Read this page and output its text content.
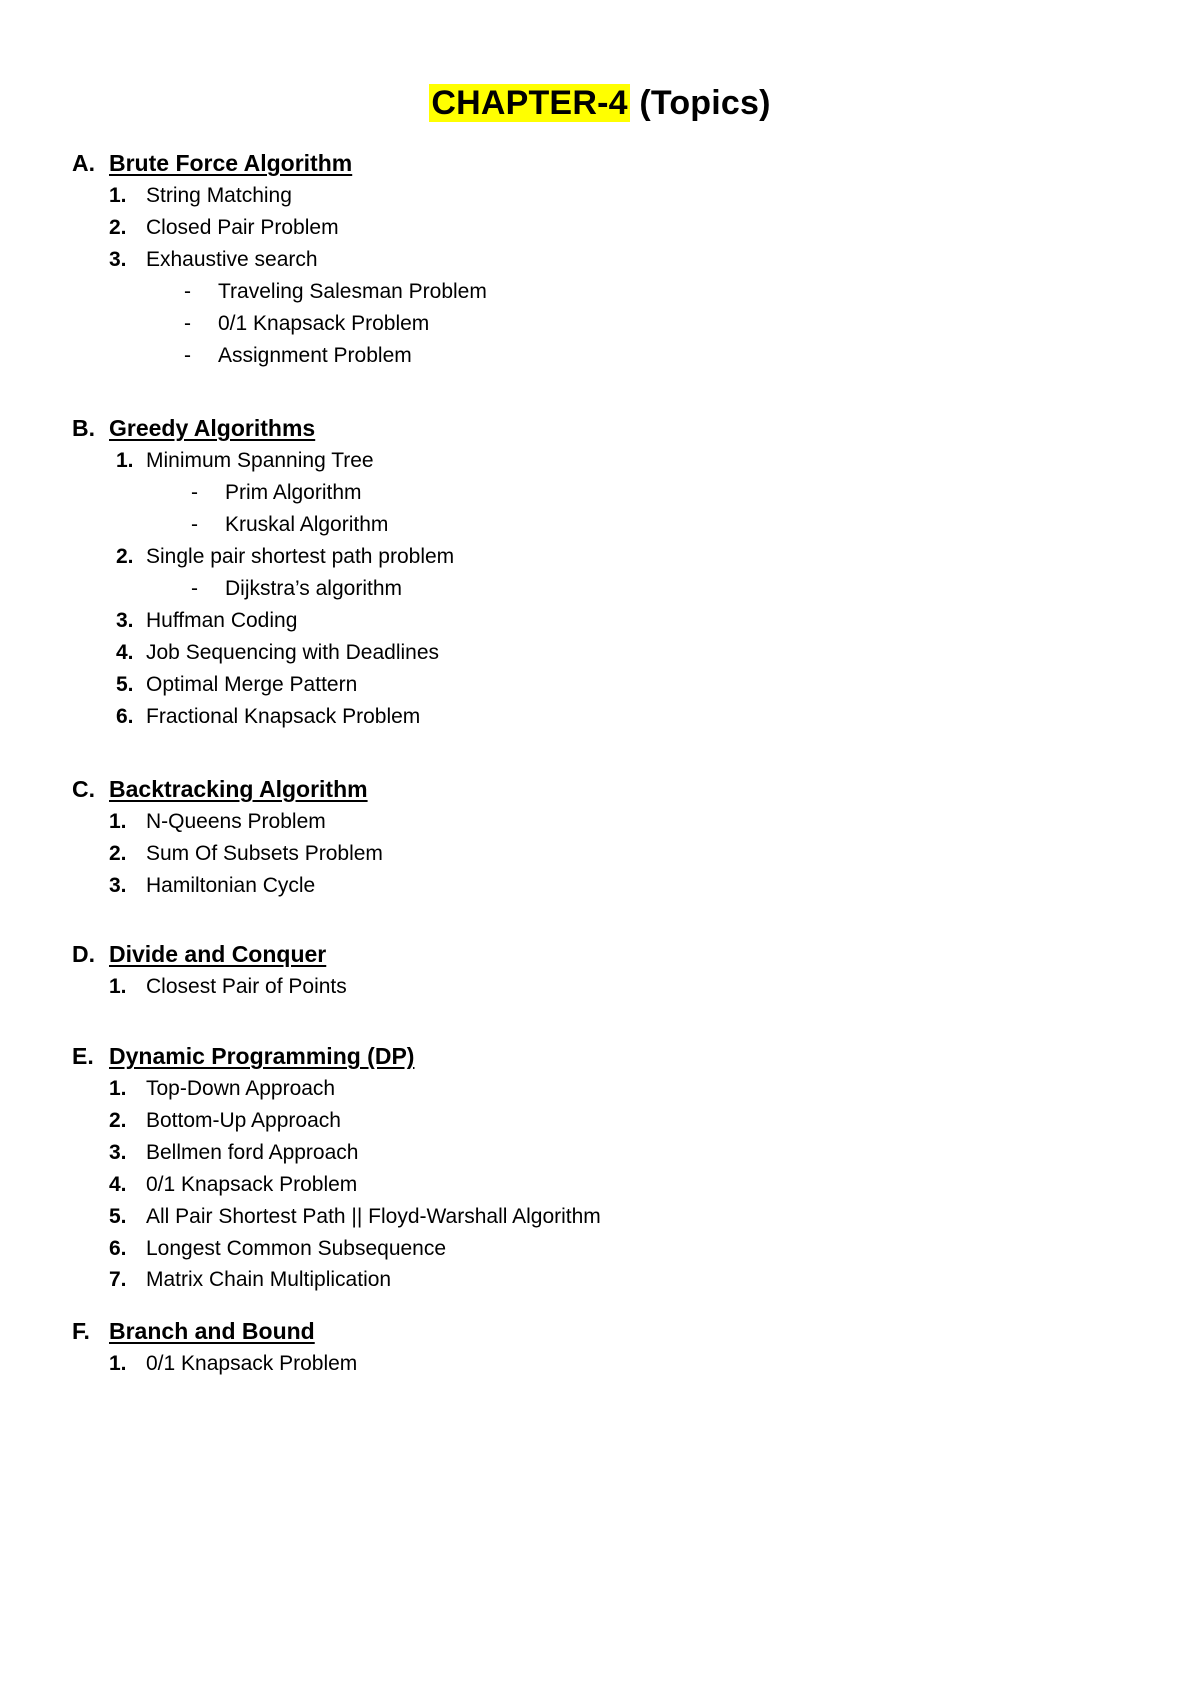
CHAPTER-4 (Topics)
A. Brute Force Algorithm
1. String Matching
2. Closed Pair Problem
3. Exhaustive search
- Traveling Salesman Problem
- 0/1 Knapsack Problem
- Assignment Problem
B. Greedy Algorithms
1. Minimum Spanning Tree
- Prim Algorithm
- Kruskal Algorithm
2. Single pair shortest path problem
- Dijkstra’s algorithm
3. Huffman Coding
4. Job Sequencing with Deadlines
5. Optimal Merge Pattern
6. Fractional Knapsack Problem
C. Backtracking Algorithm
1. N-Queens Problem
2. Sum Of Subsets Problem
3. Hamiltonian Cycle
D. Divide and Conquer
1. Closest Pair of Points
E. Dynamic Programming (DP)
1. Top-Down Approach
2. Bottom-Up Approach
3. Bellmen ford Approach
4. 0/1 Knapsack Problem
5. All Pair Shortest Path || Floyd-Warshall Algorithm
6. Longest Common Subsequence
7. Matrix Chain Multiplication
F. Branch and Bound
1. 0/1 Knapsack Problem
